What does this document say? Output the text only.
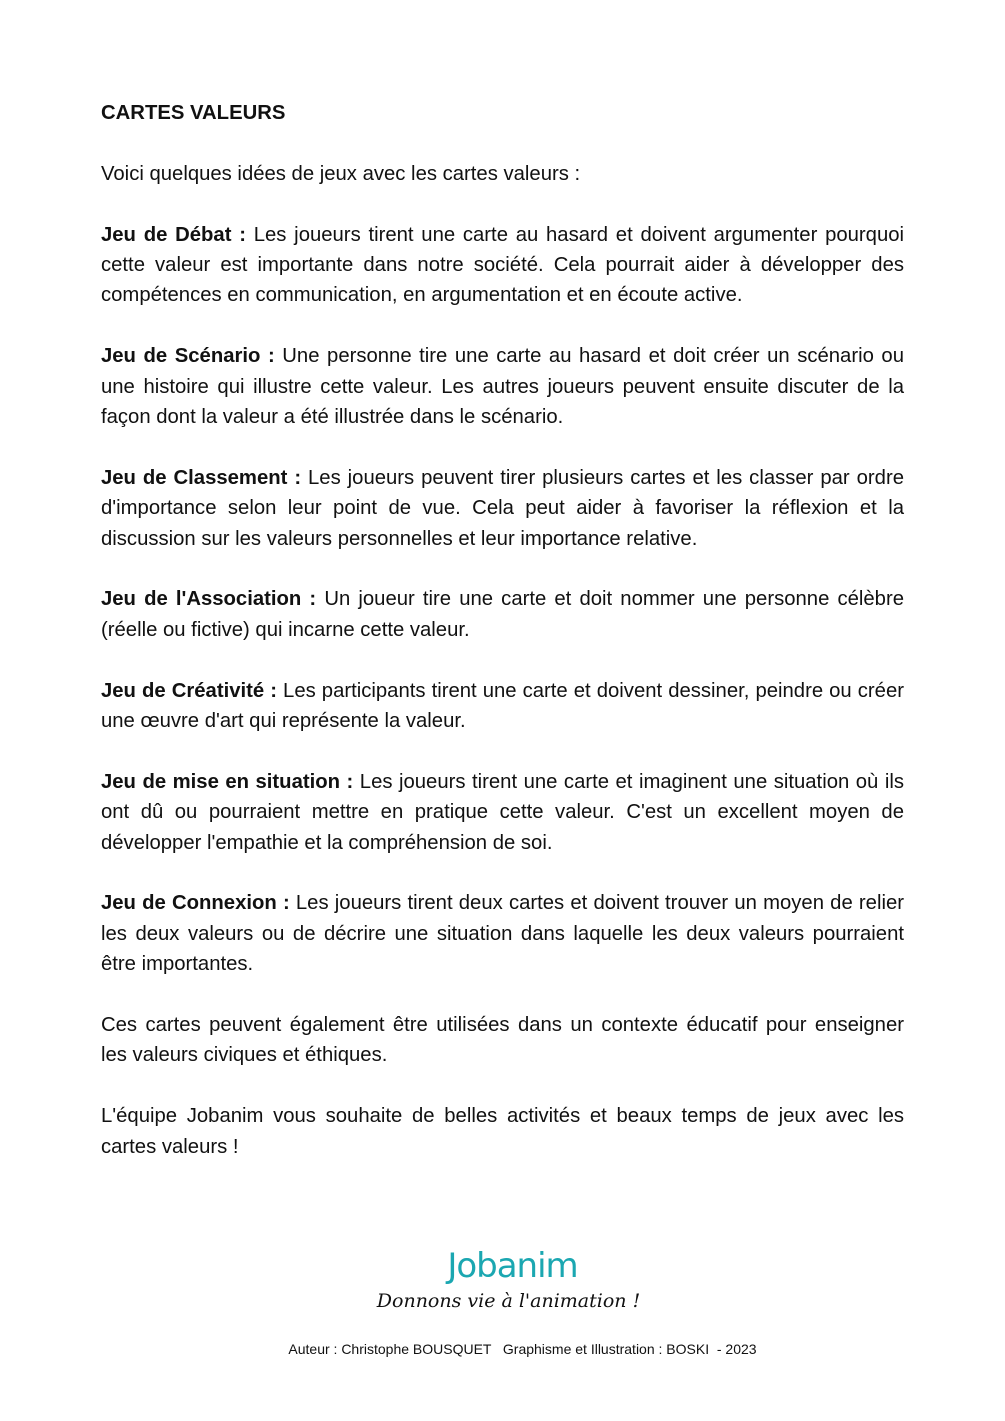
CARTES VALEURS

Voici quelques idées de jeux avec les cartes valeurs :

Jeu de Débat : Les joueurs tirent une carte au hasard et doivent argumenter pourquoi cette valeur est importante dans notre société. Cela pourrait aider à développer des compétences en communication, en argumentation et en écoute active.

Jeu de Scénario : Une personne tire une carte au hasard et doit créer un scénario ou une histoire qui illustre cette valeur. Les autres joueurs peuvent ensuite discuter de la façon dont la valeur a été illustrée dans le scénario.

Jeu de Classement : Les joueurs peuvent tirer plusieurs cartes et les classer par ordre d'importance selon leur point de vue. Cela peut aider à favoriser la réflexion et la discussion sur les valeurs personnelles et leur importance relative.

Jeu de l'Association : Un joueur tire une carte et doit nommer une personne célèbre (réelle ou fictive) qui incarne cette valeur.

Jeu de Créativité : Les participants tirent une carte et doivent dessiner, peindre ou créer une œuvre d'art qui représente la valeur.

Jeu de mise en situation : Les joueurs tirent une carte et imaginent une situation où ils ont dû ou pourraient mettre en pratique cette valeur. C'est un excellent moyen de développer l'empathie et la compréhension de soi.

Jeu de Connexion : Les joueurs tirent deux cartes et doivent trouver un moyen de relier les deux valeurs ou de décrire une situation dans laquelle les deux valeurs pourraient être importantes.

Ces cartes peuvent également être utilisées dans un contexte éducatif pour enseigner les valeurs civiques et éthiques.

L'équipe Jobanim vous souhaite de belles activités et beaux temps de jeux avec les cartes valeurs !

Jobanim
Donnons vie à l'animation !
Auteur : Christophe BOUSQUET   Graphisme et Illustration : BOSKI  - 2023
